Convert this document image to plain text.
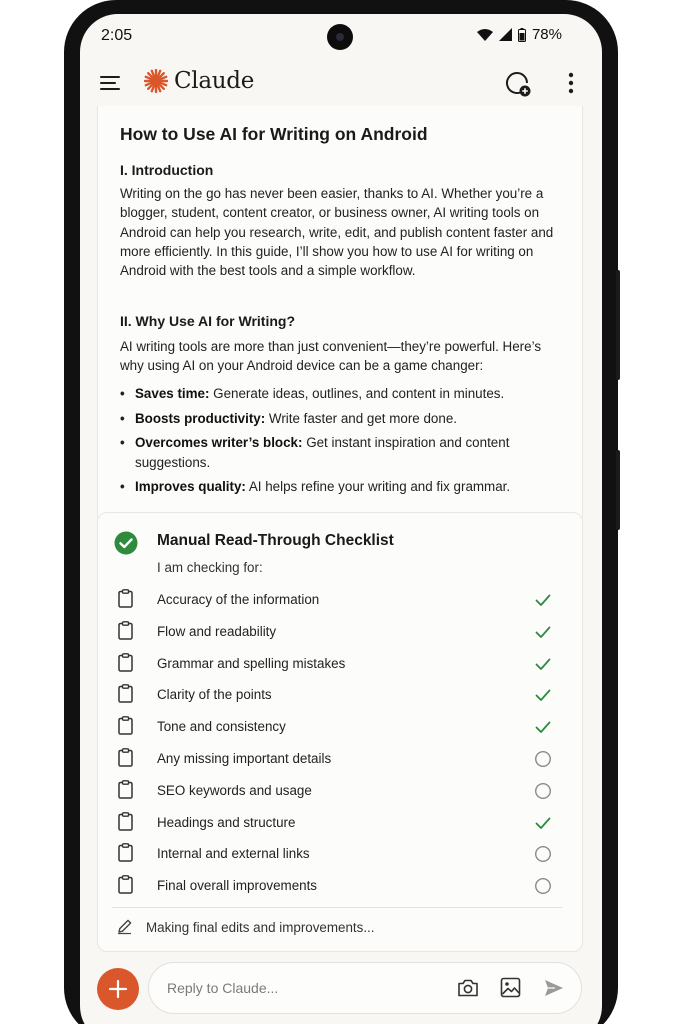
2:05	78%
Claude
How to Use AI for Writing on Android
I. Introduction
Writing on the go has never been easier, thanks to AI. Whether you’re a blogger, student, content creator, or business owner, AI writing tools on Android can help you research, write, edit, and publish content faster and more efficiently. In this guide, I’ll show you how to use AI for writing on Android with the best tools and a simple workflow.
II. Why Use AI for Writing?
AI writing tools are more than just convenient—they’re powerful. Here’s why using AI on your Android device can be a game changer:
• Saves time: Generate ideas, outlines, and content in minutes.
• Boosts productivity: Write faster and get more done.
• Overcomes writer’s block: Get instant inspiration and content suggestions.
• Improves quality: AI helps refine your writing and fix grammar.
Manual Read-Through Checklist
I am checking for:
Accuracy of the information
Flow and readability
Grammar and spelling mistakes
Clarity of the points
Tone and consistency
Any missing important details
SEO keywords and usage
Headings and structure
Internal and external links
Final overall improvements
Making final edits and improvements...
Reply to Claude...
